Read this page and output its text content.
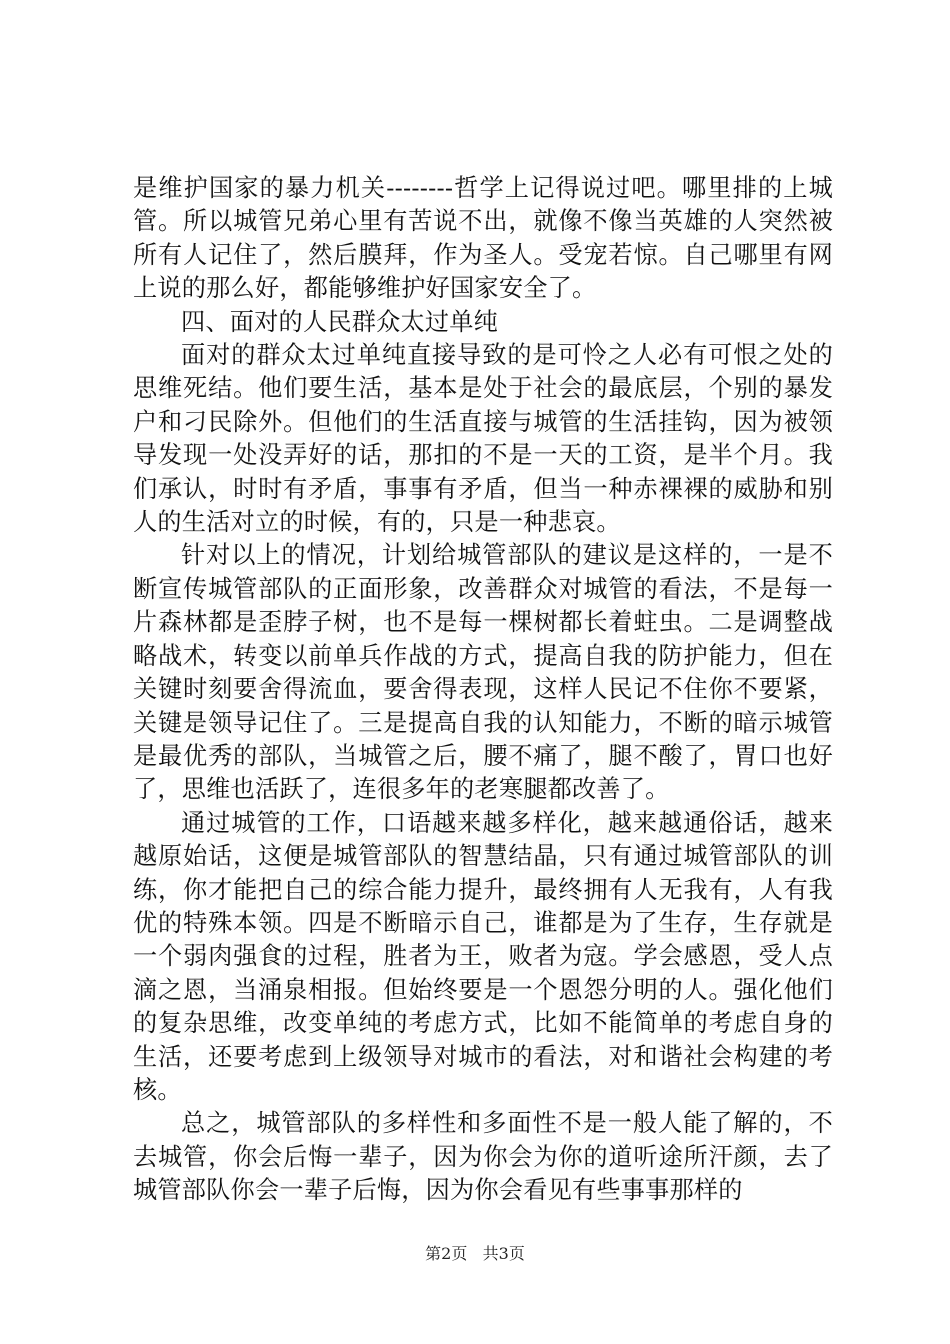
是维护国家的暴力机关--------哲学上记得说过吧。哪里排的上城管。所以城管兄弟心里有苦说不出，就像不像当英雄的人突然被所有人记住了，然后膜拜，作为圣人。受宠若惊。自己哪里有网上说的那么好，都能够维护好国家安全了。

四、面对的人民群众太过单纯

面对的群众太过单纯直接导致的是可怜之人必有可恨之处的思维死结。他们要生活，基本是处于社会的最底层，个别的暴发户和刁民除外。但他们的生活直接与城管的生活挂钩，因为被领导发现一处没弄好的话，那扣的不是一天的工资，是半个月。我们承认，时时有矛盾，事事有矛盾，但当一种赤裸裸的威胁和别人的生活对立的时候，有的，只是一种悲哀。

针对以上的情况，计划给城管部队的建议是这样的，一是不断宣传城管部队的正面形象，改善群众对城管的看法，不是每一片森林都是歪脖子树，也不是每一棵树都长着蛀虫。二是调整战略战术，转变以前单兵作战的方式，提高自我的防护能力，但在关键时刻要舍得流血，要舍得表现，这样人民记不住你不要紧，关键是领导记住了。三是提高自我的认知能力，不断的暗示城管是最优秀的部队，当城管之后，腰不痛了，腿不酸了，胃口也好了，思维也活跃了，连很多年的老寒腿都改善了。

通过城管的工作，口语越来越多样化，越来越通俗话，越来越原始话，这便是城管部队的智慧结晶，只有通过城管部队的训练，你才能把自己的综合能力提升，最终拥有人无我有，人有我优的特殊本领。四是不断暗示自己，谁都是为了生存，生存就是一个弱肉强食的过程，胜者为王，败者为寇。学会感恩，受人点滴之恩，当涌泉相报。但始终要是一个恩怨分明的人。强化他们的复杂思维，改变单纯的考虑方式，比如不能简单的考虑自身的生活，还要考虑到上级领导对城市的看法，对和谐社会构建的考核。

总之，城管部队的多样性和多面性不是一般人能了解的，不去城管，你会后悔一辈子，因为你会为你的道听途所汗颜，去了城管部队你会一辈子后悔，因为你会看见有些事事那样的

第2页 共3页
